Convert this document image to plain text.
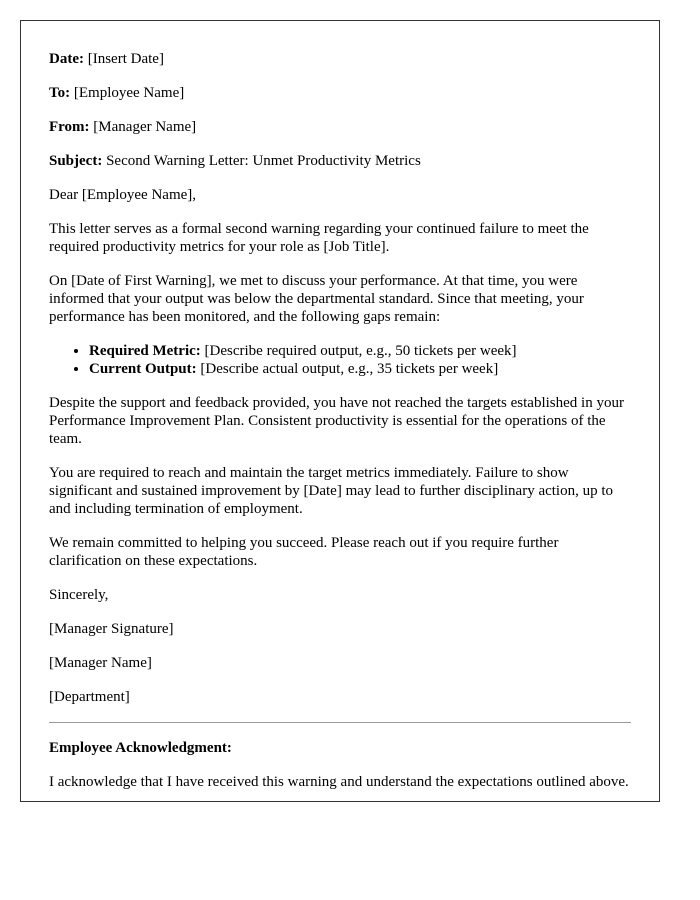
Date: [Insert Date]

To: [Employee Name]

From: [Manager Name]

Subject: Second Warning Letter: Unmet Productivity Metrics

Dear [Employee Name],

This letter serves as a formal second warning regarding your continued failure to meet the required productivity metrics for your role as [Job Title].

On [Date of First Warning], we met to discuss your performance. At that time, you were informed that your output was below the departmental standard. Since that meeting, your performance has been monitored, and the following gaps remain:

• Required Metric: [Describe required output, e.g., 50 tickets per week]
• Current Output: [Describe actual output, e.g., 35 tickets per week]

Despite the support and feedback provided, you have not reached the targets established in your Performance Improvement Plan. Consistent productivity is essential for the operations of the team.

You are required to reach and maintain the target metrics immediately. Failure to show significant and sustained improvement by [Date] may lead to further disciplinary action, up to and including termination of employment.

We remain committed to helping you succeed. Please reach out if you require further clarification on these expectations.

Sincerely,

[Manager Signature]

[Manager Name]

[Department]

Employee Acknowledgment:

I acknowledge that I have received this warning and understand the expectations outlined above.
